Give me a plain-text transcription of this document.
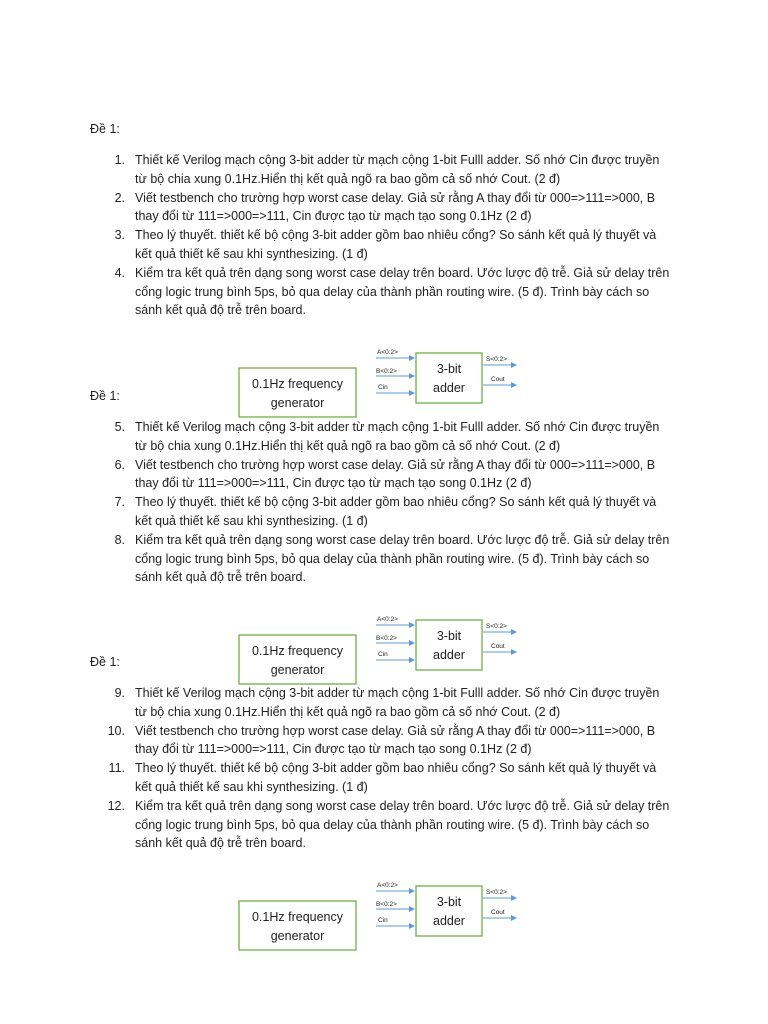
Đề 1:
1. Thiết kế Verilog mạch cộng 3-bit adder từ mạch cộng 1-bit Fulll adder. Số nhớ Cin được truyền
từ bộ chia xung 0.1Hz.Hiển thị kết quả ngõ ra bao gồm cả số nhớ Cout. (2 đ)
2. Viết testbench cho trường hợp worst case delay. Giả sử rằng A thay đổi từ 000=>111=>000, B
thay đổi từ 111=>000=>111, Cin được tạo từ mạch tạo song 0.1Hz (2 đ)
3. Theo lý thuyết. thiết kế bộ cộng 3-bit adder gồm bao nhiêu cổng? So sánh kết quả lý thuyết và
kết quả thiết kế sau khi synthesizing. (1 đ)
4. Kiểm tra kết quả trên dạng song worst case delay trên board. Ước lược độ trễ. Giả sử delay trên
cổng logic trung bình 5ps, bỏ qua delay của thành phần routing wire. (5 đ). Trình bày cách so
sánh kết quả độ trễ trên board.
0.1Hz frequency
generator
3-bit
adder
A<0:2>
B<0:2>
Cin
S<0:2>
Cout
Đề 1:
5. Thiết kế Verilog mạch cộng 3-bit adder từ mạch cộng 1-bit Fulll adder. Số nhớ Cin được truyền
từ bộ chia xung 0.1Hz.Hiển thị kết quả ngõ ra bao gồm cả số nhớ Cout. (2 đ)
6. Viết testbench cho trường hợp worst case delay. Giả sử rằng A thay đổi từ 000=>111=>000, B
thay đổi từ 111=>000=>111, Cin được tạo từ mạch tạo song 0.1Hz (2 đ)
7. Theo lý thuyết. thiết kế bộ cộng 3-bit adder gồm bao nhiêu cổng? So sánh kết quả lý thuyết và
kết quả thiết kế sau khi synthesizing. (1 đ)
8. Kiểm tra kết quả trên dạng song worst case delay trên board. Ước lược độ trễ. Giả sử delay trên
cổng logic trung bình 5ps, bỏ qua delay của thành phần routing wire. (5 đ). Trình bày cách so
sánh kết quả độ trễ trên board.
0.1Hz frequency
generator
3-bit
adder
A<0:2>
B<0:2>
Cin
S<0:2>
Cout
Đề 1:
9. Thiết kế Verilog mạch cộng 3-bit adder từ mạch cộng 1-bit Fulll adder. Số nhớ Cin được truyền
từ bộ chia xung 0.1Hz.Hiển thị kết quả ngõ ra bao gồm cả số nhớ Cout. (2 đ)
10. Viết testbench cho trường hợp worst case delay. Giả sử rằng A thay đổi từ 000=>111=>000, B
thay đổi từ 111=>000=>111, Cin được tạo từ mạch tạo song 0.1Hz (2 đ)
11. Theo lý thuyết. thiết kế bộ cộng 3-bit adder gồm bao nhiêu cổng? So sánh kết quả lý thuyết và
kết quả thiết kế sau khi synthesizing. (1 đ)
12. Kiểm tra kết quả trên dạng song worst case delay trên board. Ước lược độ trễ. Giả sử delay trên
cổng logic trung bình 5ps, bỏ qua delay của thành phần routing wire. (5 đ). Trình bày cách so
sánh kết quả độ trễ trên board.
0.1Hz frequency
generator
3-bit
adder
A<0:2>
B<0:2>
Cin
S<0:2>
Cout
